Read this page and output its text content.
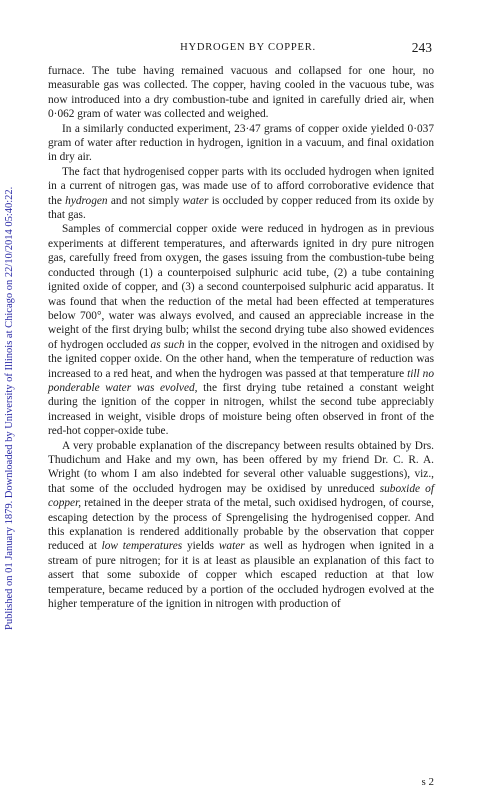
Published on 01 January 1879. Downloaded by University of Illinois at Chicago on 22/10/2014 05:40:22.
HYDROGEN BY COPPER.	243

furnace. The tube having remained vacuous and collapsed for one hour, no measurable gas was collected. The copper, having cooled in the vacuous tube, was now introduced into a dry combustion-tube and ignited in carefully dried air, when 0·062 gram of water was collected and weighed.

In a similarly conducted experiment, 23·47 grams of copper oxide yielded 0·037 gram of water after reduction in hydrogen, ignition in a vacuum, and final oxidation in dry air.

The fact that hydrogenised copper parts with its occluded hydrogen when ignited in a current of nitrogen gas, was made use of to afford corroborative evidence that the hydrogen and not simply water is occluded by copper reduced from its oxide by that gas.

Samples of commercial copper oxide were reduced in hydrogen as in previous experiments at different temperatures, and afterwards ignited in dry pure nitrogen gas, carefully freed from oxygen, the gases issuing from the combustion-tube being conducted through (1) a counterpoised sulphuric acid tube, (2) a tube containing ignited oxide of copper, and (3) a second counterpoised sulphuric acid apparatus. It was found that when the reduction of the metal had been effected at temperatures below 700°, water was always evolved, and caused an appreciable increase in the weight of the first drying bulb; whilst the second drying tube also showed evidences of hydrogen occluded as such in the copper, evolved in the nitrogen and oxidised by the ignited copper oxide. On the other hand, when the temperature of reduction was increased to a red heat, and when the hydrogen was passed at that temperature till no ponderable water was evolved, the first drying tube retained a constant weight during the ignition of the copper in nitrogen, whilst the second tube appreciably increased in weight, visible drops of moisture being often observed in front of the red-hot copper-oxide tube.

A very probable explanation of the discrepancy between results obtained by Drs. Thudichum and Hake and my own, has been offered by my friend Dr. C. R. A. Wright (to whom I am also indebted for several other valuable suggestions), viz., that some of the occluded hydrogen may be oxidised by unreduced suboxide of copper, retained in the deeper strata of the metal, such oxidised hydrogen, of course, escaping detection by the process of Sprengelising the hydrogenised copper. And this explanation is rendered additionally probable by the observation that copper reduced at low temperatures yields water as well as hydrogen when ignited in a stream of pure nitrogen; for it is at least as plausible an explanation of this fact to assert that some suboxide of copper which escaped reduction at that low temperature, became reduced by a portion of the occluded hydrogen evolved at the higher temperature of the ignition in nitrogen with production of

s 2
